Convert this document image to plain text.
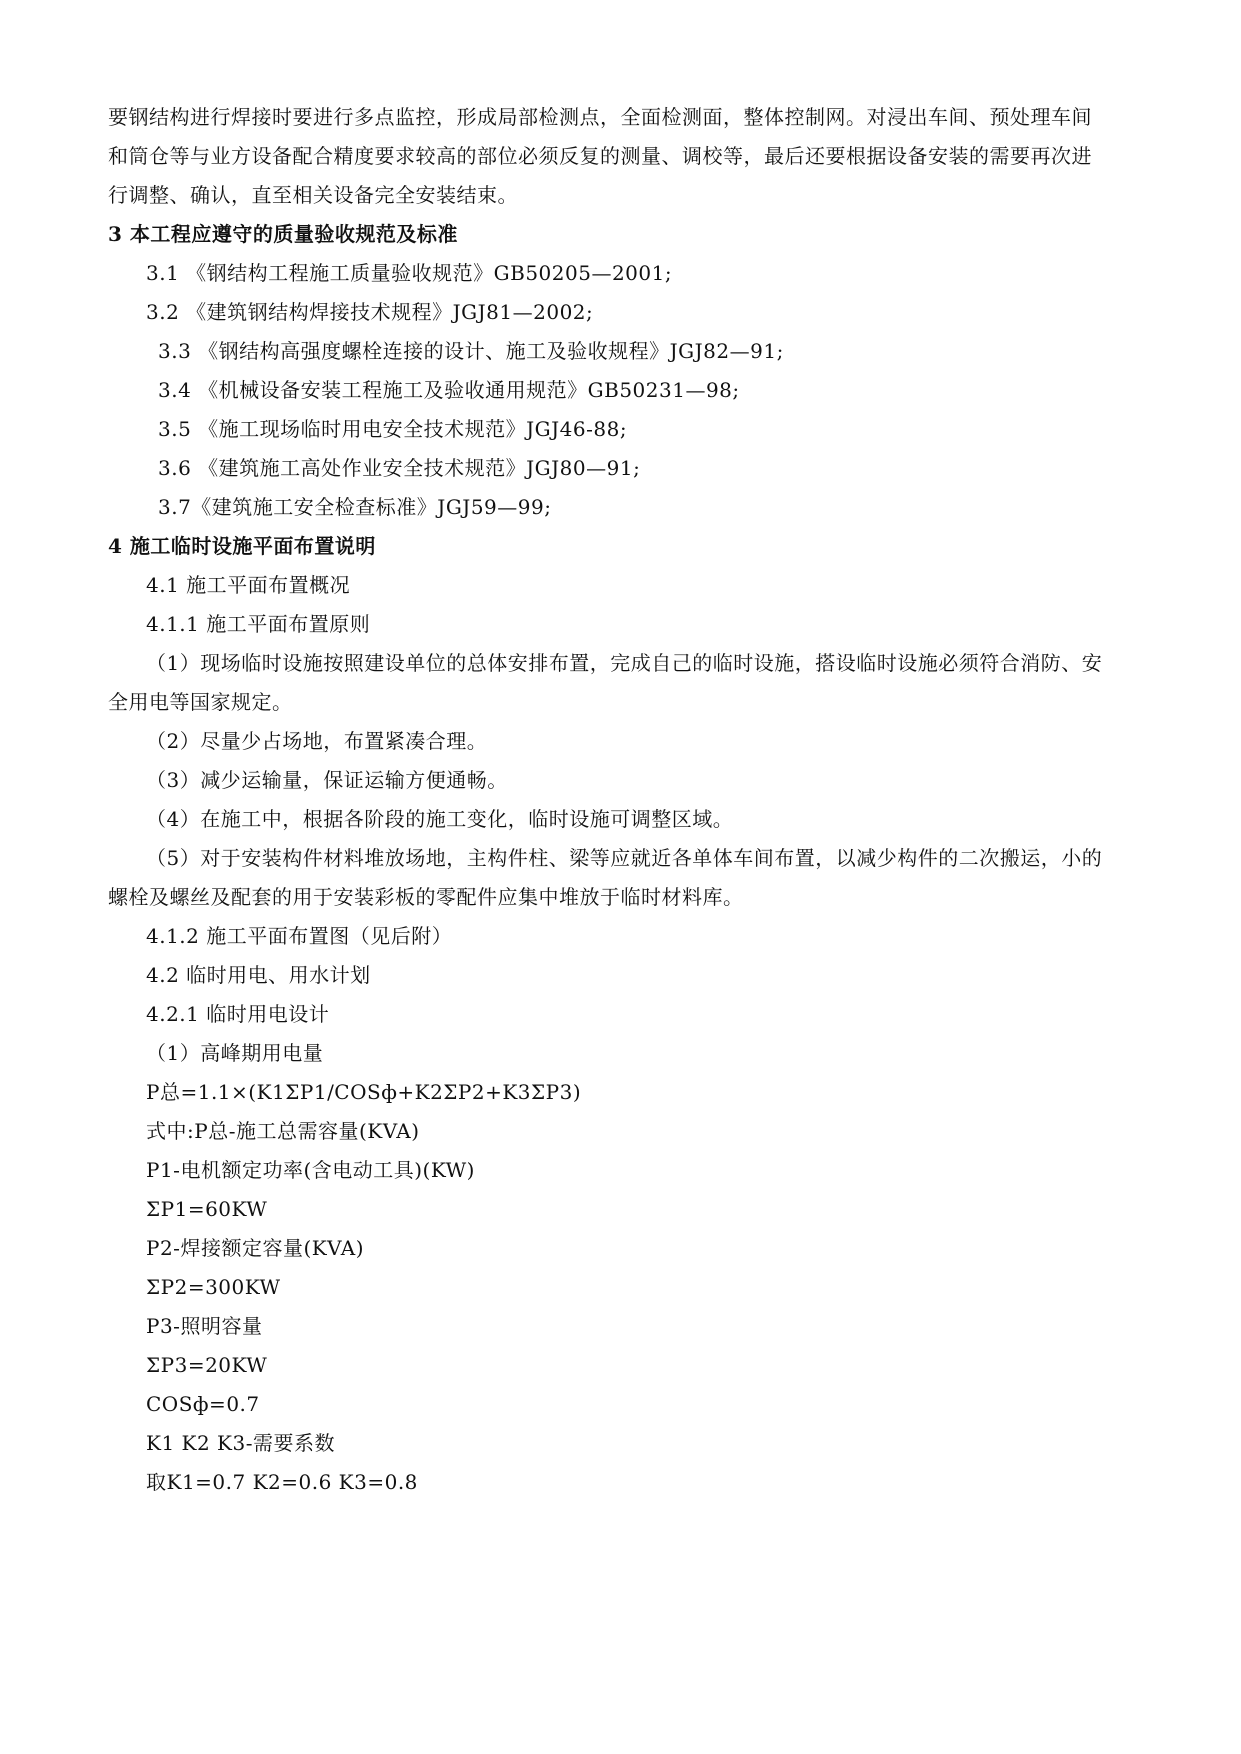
要钢结构进行焊接时要进行多点监控，形成局部检测点，全面检测面，整体控制网。对浸出车间、预处理车间
和筒仓等与业方设备配合精度要求较高的部位必须反复的测量、调校等，最后还要根据设备安装的需要再次进
行调整、确认，直至相关设备完全安装结束。
3 本工程应遵守的质量验收规范及标准
3.1 《钢结构工程施工质量验收规范》GB50205—2001;
3.2 《建筑钢结构焊接技术规程》JGJ81—2002;
3.3 《钢结构高强度螺栓连接的设计、施工及验收规程》JGJ82—91;
3.4 《机械设备安装工程施工及验收通用规范》GB50231—98;
3.5 《施工现场临时用电安全技术规范》JGJ46-88;
3.6 《建筑施工高处作业安全技术规范》JGJ80—91;
3.7《建筑施工安全检查标准》JGJ59—99;
4 施工临时设施平面布置说明
4.1 施工平面布置概况
4.1.1 施工平面布置原则
（1）现场临时设施按照建设单位的总体安排布置，完成自己的临时设施，搭设临时设施必须符合消防、安
全用电等国家规定。
（2）尽量少占场地，布置紧凑合理。
（3）减少运输量，保证运输方便通畅。
（4）在施工中，根据各阶段的施工变化，临时设施可调整区域。
（5）对于安装构件材料堆放场地，主构件柱、梁等应就近各单体车间布置，以减少构件的二次搬运，小的
螺栓及螺丝及配套的用于安装彩板的零配件应集中堆放于临时材料库。
4.1.2 施工平面布置图（见后附）
4.2 临时用电、用水计划
4.2.1 临时用电设计
（1）高峰期用电量
P总=1.1×(K1ΣP1/COSф+K2ΣP2+K3ΣP3)
式中:P总-施工总需容量(KVA)
P1-电机额定功率(含电动工具)(KW)
ΣP1=60KW
P2-焊接额定容量(KVA)
ΣP2=300KW
P3-照明容量
ΣP3=20KW
COSф=0.7
K1 K2 K3-需要系数
取K1=0.7 K2=0.6 K3=0.8
